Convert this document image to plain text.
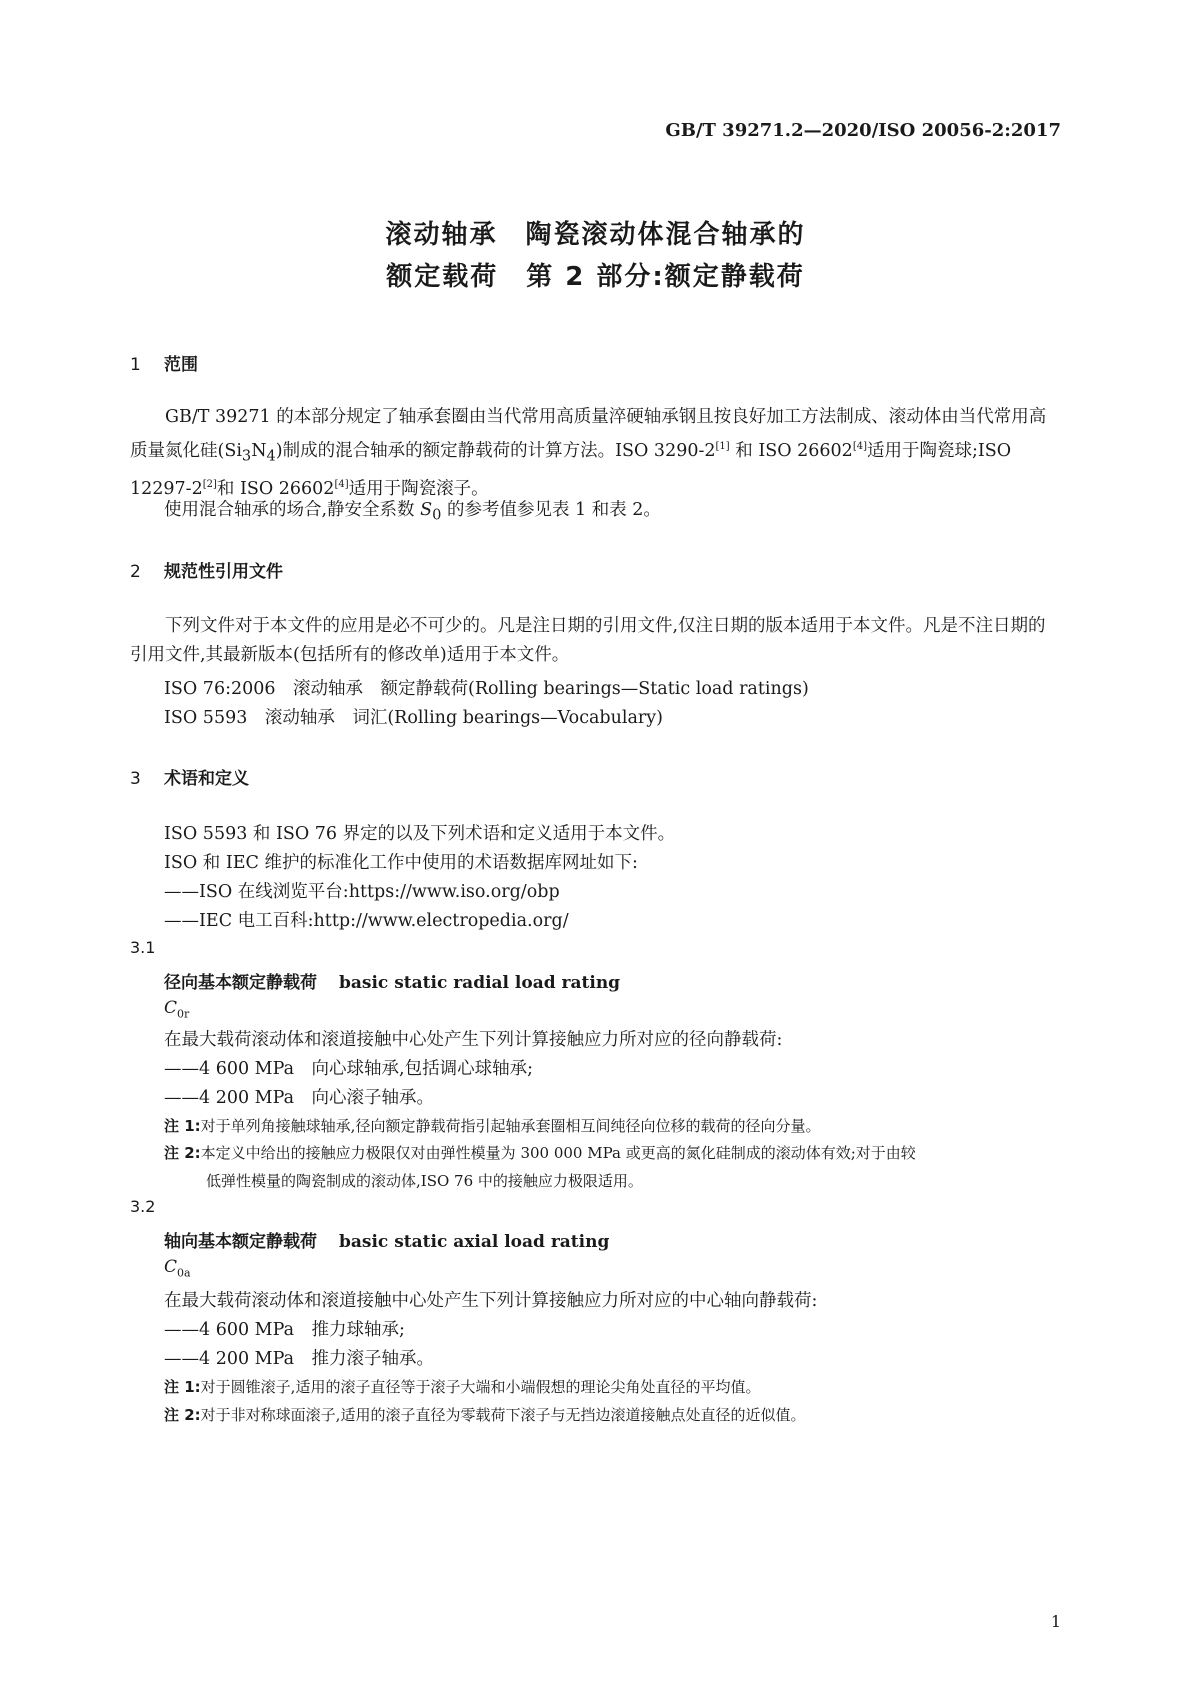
GB/T 39271.2—2020/ISO 20056-2:2017
滚动轴承　陶瓷滚动体混合轴承的
额定载荷　第 2 部分:额定静载荷
1 范围
GB/T 39271 的本部分规定了轴承套圈由当代常用高质量淬硬轴承钢且按良好加工方法制成、滚动体由当代常用高质量氮化硅$(Si_3N_4)$制成的混合轴承的额定静载荷的计算方法。ISO 3290-2[1] 和 ISO 26602[4]适用于陶瓷球;ISO 12297-2[2]和 ISO 26602[4]适用于陶瓷滚子。
使用混合轴承的场合,静安全系数 $S_0$ 的参考值参见表 1 和表 2。
2 规范性引用文件
下列文件对于本文件的应用是必不可少的。凡是注日期的引用文件,仅注日期的版本适用于本文件。凡是不注日期的引用文件,其最新版本(包括所有的修改单)适用于本文件。
ISO 76:2006　滚动轴承　额定静载荷(Rolling bearings—Static load ratings)
ISO 5593　滚动轴承　词汇(Rolling bearings—Vocabulary)
3 术语和定义
ISO 5593 和 ISO 76 界定的以及下列术语和定义适用于本文件。
ISO 和 IEC 维护的标准化工作中使用的术语数据库网址如下:
——ISO 在线浏览平台:https://www.iso.org/obp
——IEC 电工百科:http://www.electropedia.org/
3.1
径向基本额定静载荷 basic static radial load rating
$C_{0r}$
在最大载荷滚动体和滚道接触中心处产生下列计算接触应力所对应的径向静载荷:
——4 600 MPa　向心球轴承,包括调心球轴承;
——4 200 MPa　向心滚子轴承。
注 1:对于单列角接触球轴承,径向额定静载荷指引起轴承套圈相互间纯径向位移的载荷的径向分量。
注 2:本定义中给出的接触应力极限仅对由弹性模量为 300 000 MPa 或更高的氮化硅制成的滚动体有效;对于由较
低弹性模量的陶瓷制成的滚动体,ISO 76 中的接触应力极限适用。
3.2
轴向基本额定静载荷 basic static axial load rating
$C_{0a}$
在最大载荷滚动体和滚道接触中心处产生下列计算接触应力所对应的中心轴向静载荷:
——4 600 MPa　推力球轴承;
——4 200 MPa　推力滚子轴承。
注 1:对于圆锥滚子,适用的滚子直径等于滚子大端和小端假想的理论尖角处直径的平均值。
注 2:对于非对称球面滚子,适用的滚子直径为零载荷下滚子与无挡边滚道接触点处直径的近似值。
1
